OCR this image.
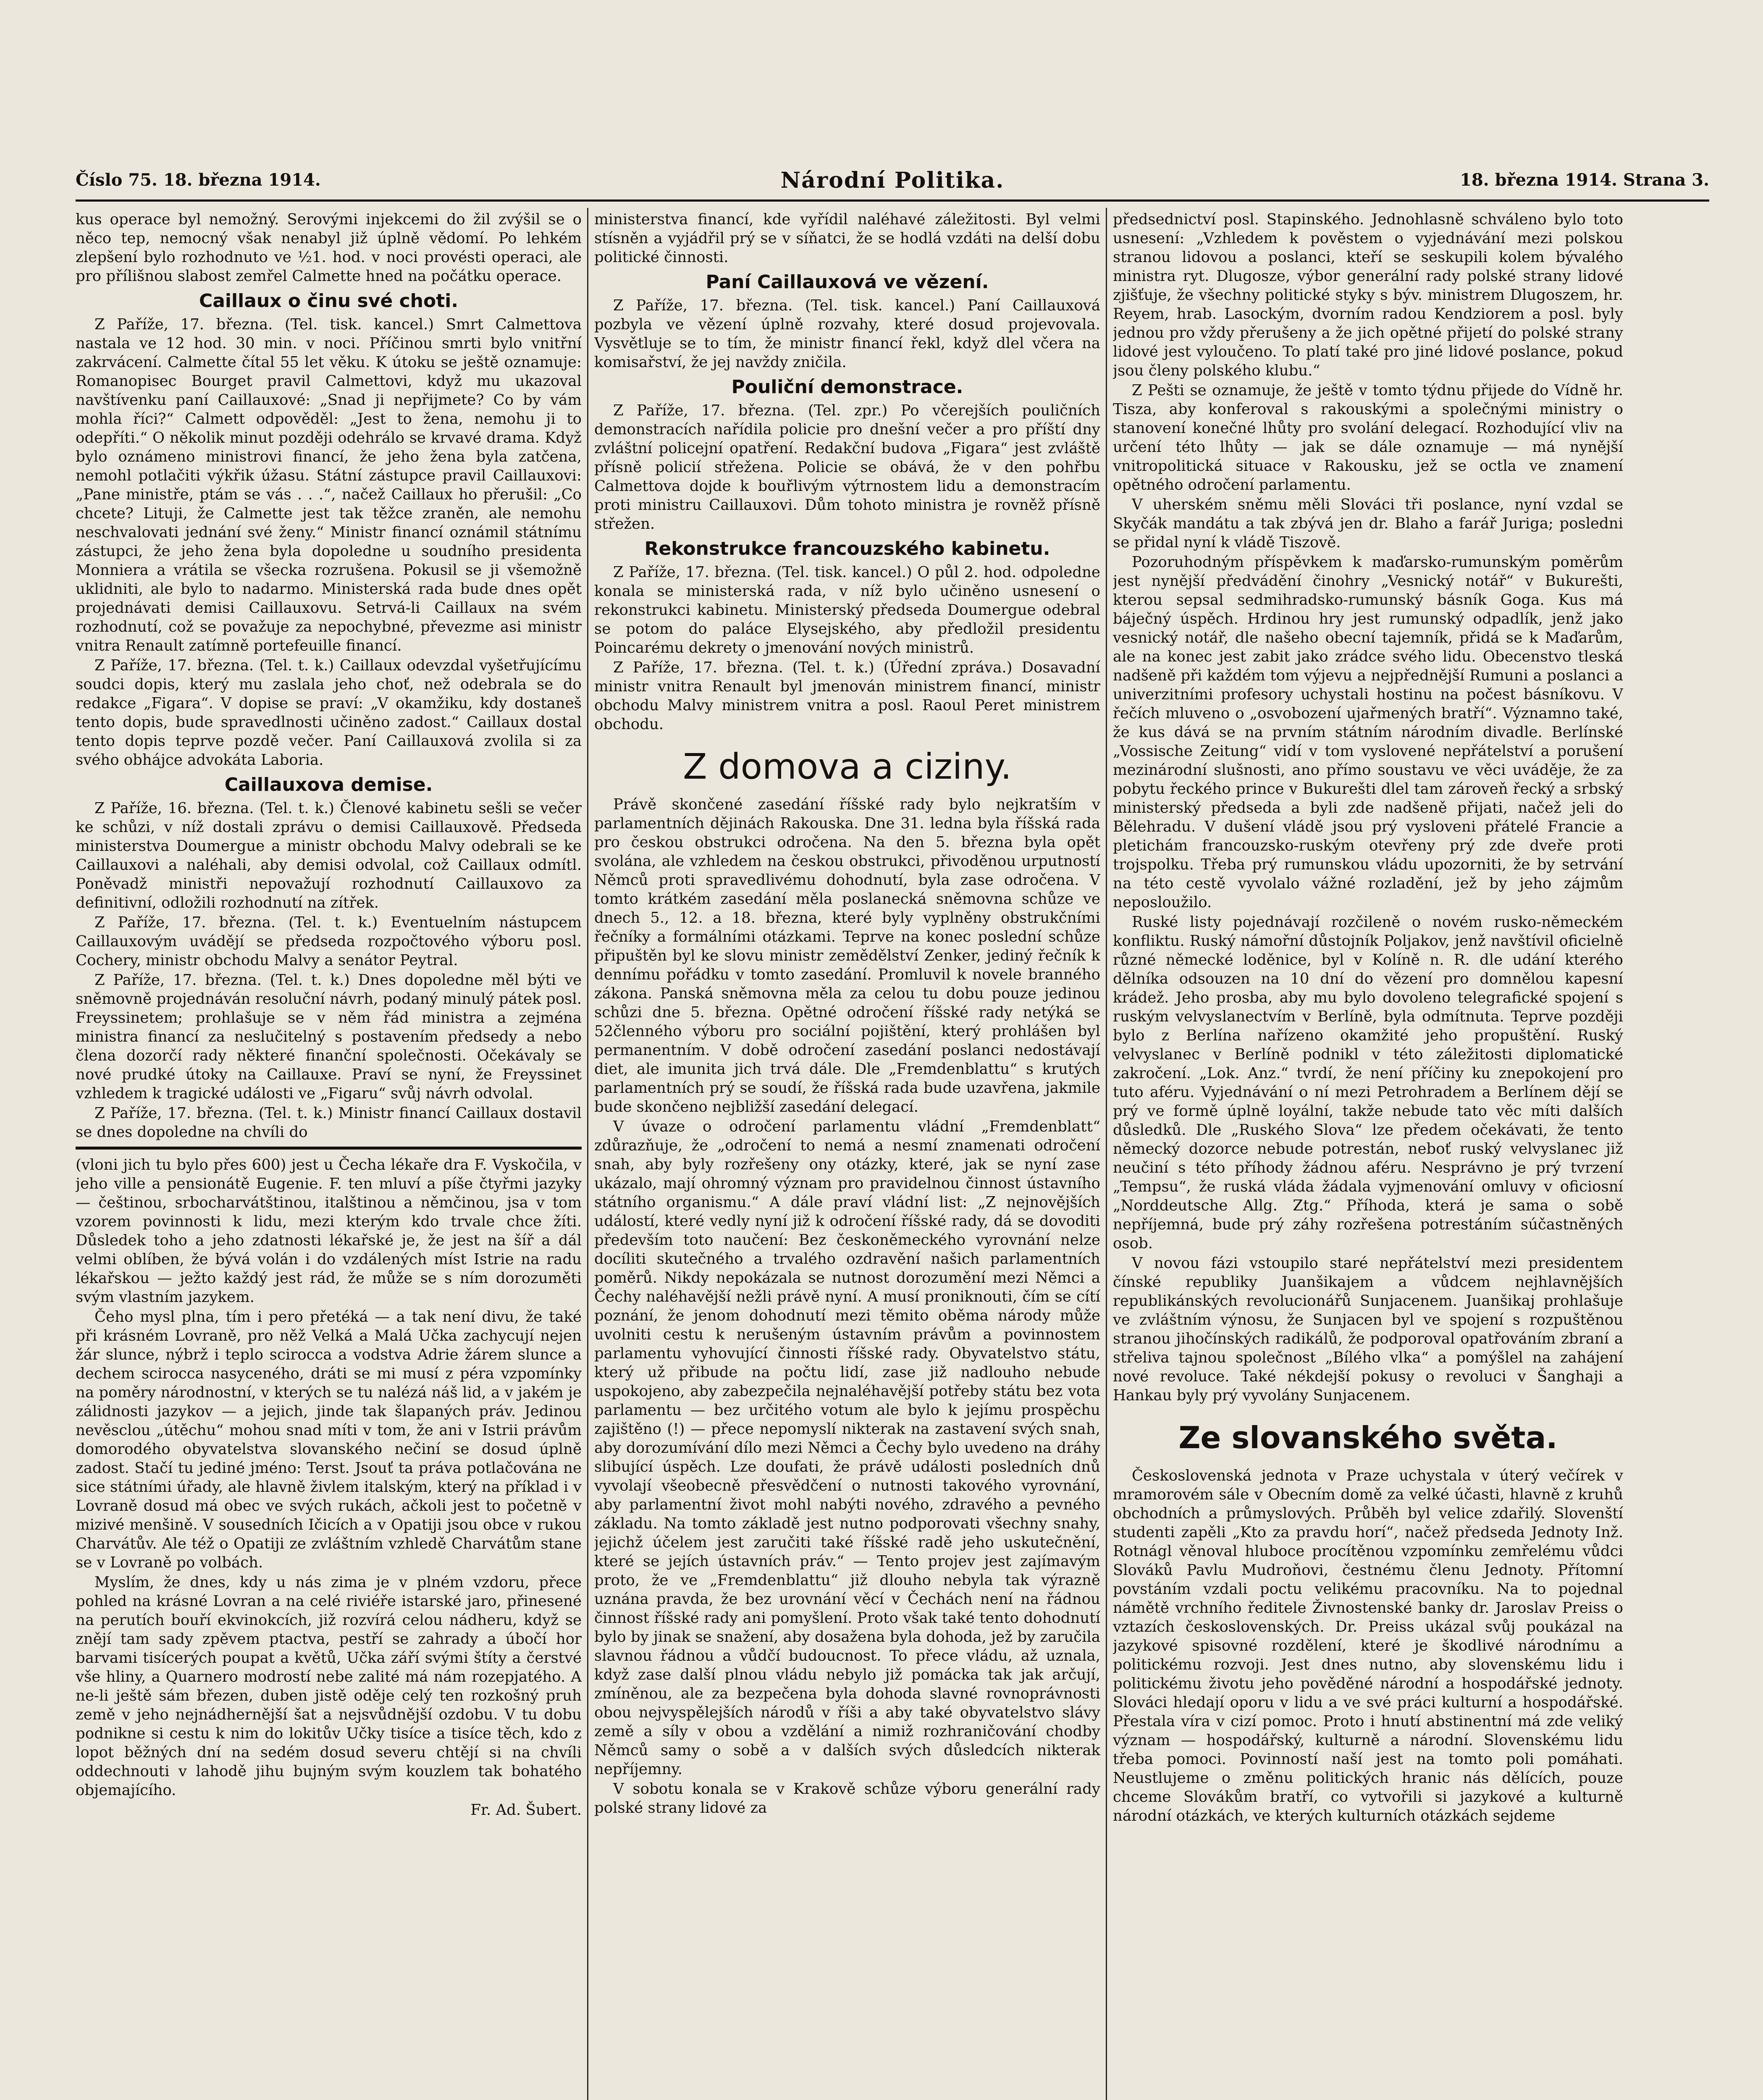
Číslo 75. 18. března 1914.	Národní Politika.	18. března 1914. Strana 3.

kus operace byl nemožný. Serovými injekcemi do žil zvýšil se o něco tep, nemocný však nenabyl již úplně vědomí. Po lehkém zlepšení bylo rozhodnuto ve ½1. hod. v noci provésti operaci, ale pro přílišnou slabost zemřel Calmette hned na počátku operace.

Caillaux o činu své choti.

Z Paříže, 17. března. (Tel. tisk. kancel.) Smrt Calmettova nastala ve 12 hod. 30 min. v noci. Příčinou smrti bylo vnitřní zakrvácení. Calmette čítal 55 let věku. K útoku se ještě oznamuje: Romanopisec Bourget pravil Calmettovi, když mu ukazoval navštívenku paní Caillauxové: „Snad ji nepřijmete? Co by vám mohla říci?“ Calmett odpověděl: „Jest to žena, nemohu ji to odepříti.“ O několik minut později odehrálo se krvavé drama. Když bylo oznámeno ministrovi financí, že jeho žena byla zatčena, nemohl potlačiti výkřik úžasu. Státní zástupce pravil Caillauxovi: „Pane ministře, ptám se vás . . .“, načež Caillaux ho přerušil: „Co chcete? Lituji, že Calmette jest tak těžce zraněn, ale nemohu neschvalovati jednání své ženy.“ Ministr financí oznámil státnímu zástupci, že jeho žena byla dopoledne u soudního presidenta Monniera a vrátila se všecka rozrušena. Pokusil se ji všemožně uklidniti, ale bylo to nadarmo. Ministerská rada bude dnes opět projednávati demisi Caillauxovu. Setrvá-li Caillaux na svém rozhodnutí, což se považuje za nepochybné, převezme asi ministr vnitra Renault zatímně portefeuille financí.

Z Paříže, 17. března. (Tel. t. k.) Caillaux odevzdal vyšetřujícímu soudci dopis, který mu zaslala jeho choť, než odebrala se do redakce „Figara“. V dopise se praví: „V okamžiku, kdy dostaneš tento dopis, bude spravedlnosti učiněno zadost.“ Caillaux dostal tento dopis teprve pozdě večer. Paní Caillauxová zvolila si za svého obhájce advokáta Laboria.

Caillauxova demise.

Z Paříže, 16. března. (Tel. t. k.) Členové kabinetu sešli se večer ke schůzi, v níž dostali zprávu o demisi Caillauxově. Předseda ministerstva Doumergue a ministr obchodu Malvy odebrali se ke Caillauxovi a naléhali, aby demisi odvolal, což Caillaux odmítl. Poněvadž ministři nepovažují rozhodnutí Caillauxovo za definitivní, odložili rozhodnutí na zítřek.

Z Paříže, 17. března. (Tel. t. k.) Eventuelním nástupcem Caillauxovým uvádějí se předseda rozpočtového výboru posl. Cochery, ministr obchodu Malvy a senátor Peytral.

Z Paříže, 17. března. (Tel. t. k.) Dnes dopoledne měl býti ve sněmovně projednáván resoluční návrh, podaný minulý pátek posl. Freyssinetem; prohlašuje se v něm řád ministra a zejména ministra financí za neslučitelný s postavením předsedy a nebo člena dozorčí rady některé finanční společnosti. Očekávaly se nové prudké útoky na Caillauxe. Praví se nyní, že Freyssinet vzhledem k tragické události ve „Figaru“ svůj návrh odvolal.

Z Paříže, 17. března. (Tel. t. k.) Ministr financí Caillaux dostavil se dnes dopoledne na chvíli do

(vloni jich tu bylo přes 600) jest u Čecha lékaře dra F. Vyskočila, v jeho ville a pensionátě Eugenie. F. ten mluví a píše čtyřmi jazyky — češtinou, srbocharvátštinou, italštinou a němčinou, jsa v tom vzorem povinnosti k lidu, mezi kterým kdo trvale chce žíti. Důsledek toho a jeho zdatnosti lékařské je, že jest na šíř a dál velmi oblíben, že bývá volán i do vzdálených míst Istrie na radu lékařskou — ježto každý jest rád, že může se s ním dorozuměti svým vlastním jazykem.

Čeho mysl plna, tím i pero přetéká — a tak není divu, že také při krásném Lovraně, pro něž Velká a Malá Učka zachycují nejen žár slunce, nýbrž i teplo scirocca a vodstva Adrie žárem slunce a dechem scirocca nasyceného, dráti se mi musí z péra vzpomínky na poměry národnostní, v kterých se tu nalézá náš lid, a v jakém je zálidnosti jazykov — a jejich, jinde tak šlapaných práv. Jedinou nevěsclou „útěchu“ mohou snad míti v tom, že ani v Istrii právům domorodého obyvatelstva slovanského nečiní se dosud úplně zadost. Stačí tu jediné jméno: Terst. Jsouť ta práva potlačována ne sice státními úřady, ale hlavně živlem italským, který na příklad i v Lovraně dosud má obec ve svých rukách, ačkoli jest to početně v mizivé menšině. V sousedních Ičicích a v Opatiji jsou obce v rukou Charvátův. Ale též o Opatiji ze zvláštním vzhledě Charvátům stane se v Lovraně po volbách.

Myslím, že dnes, kdy u nás zima je v plném vzdoru, přece pohled na krásné Lovran a na celé riviéře istarské jaro, přinesené na perutích bouří ekvinokcích, již rozvírá celou nádheru, když se znějí tam sady zpěvem ptactva, pestří se zahrady a úbočí hor barvami tisícerých poupat a květů, Učka září svými štíty a čerstvé vše hliny, a Quarnero modrostí nebe zalité má nám rozepjatého. A ne-li ještě sám březen, duben jistě oděje celý ten rozkošný pruh země v jeho nejnádhernější šat a nejsvůdnější ozdobu. V tu dobu podnikne si cestu k nim do lokitův Učky tisíce a tisíce těch, kdo z lopot běžných dní na sedém dosud severu chtějí si na chvíli oddechnouti v lahodě jihu bujným svým kouzlem tak bohatého objemajícího.

Fr. Ad. Šubert.

ministerstva financí, kde vyřídil naléhavé záležitosti. Byl velmi stísněn a vyjádřil prý se v síňatci, že se hodlá vzdáti na delší dobu politické činnosti.

Paní Caillauxová ve vězení.

Z Paříže, 17. března. (Tel. tisk. kancel.) Paní Caillauxová pozbyla ve vězení úplně rozvahy, které dosud projevovala. Vysvětluje se to tím, že ministr financí řekl, když dlel včera na komisařství, že jej navždy zničila.

Pouliční demonstrace.

Z Paříže, 17. března. (Tel. zpr.) Po včerejších pouličních demonstracích nařídila policie pro dnešní večer a pro příští dny zvláštní policejní opatření. Redakční budova „Figara“ jest zvláště přísně policií střežena. Policie se obává, že v den pohřbu Calmettova dojde k bouřlivým výtrnostem lidu a demonstracím proti ministru Caillauxovi. Dům tohoto ministra je rovněž přísně střežen.

Rekonstrukce francouzského kabinetu.

Z Paříže, 17. března. (Tel. tisk. kancel.) O půl 2. hod. odpoledne konala se ministerská rada, v níž bylo učiněno usnesení o rekonstrukci kabinetu. Ministerský předseda Doumergue odebral se potom do paláce Elysejského, aby předložil presidentu Poincarému dekrety o jmenování nových ministrů.

Z Paříže, 17. března. (Tel. t. k.) (Úřední zpráva.) Dosavadní ministr vnitra Renault byl jmenován ministrem financí, ministr obchodu Malvy ministrem vnitra a posl. Raoul Peret ministrem obchodu.

Z domova a ciziny.

Právě skončené zasedání říšské rady bylo nejkratším v parlamentních dějinách Rakouska. Dne 31. ledna byla říšská rada pro českou obstrukci odročena. Na den 5. března byla opět svolána, ale vzhledem na českou obstrukci, přivoděnou urputností Němců proti spravedlivému dohodnutí, byla zase odročena. V tomto krátkém zasedání měla poslanecká sněmovna schůze ve dnech 5., 12. a 18. března, které byly vyplněny obstrukčními řečníky a formálními otázkami. Teprve na konec poslední schůze připuštěn byl ke slovu ministr zemědělství Zenker, jediný řečník k dennímu pořádku v tomto zasedání. Promluvil k novele branného zákona. Panská sněmovna měla za celou tu dobu pouze jedinou schůzi dne 5. března. Opětné odročení říšské rady netýká se 52členného výboru pro sociální pojištění, který prohlášen byl permanentním. V době odročení zasedání poslanci nedostávají diet, ale imunita jich trvá dále. Dle „Fremdenblattu“ s krutých parlamentních prý se soudí, že říšská rada bude uzavřena, jakmile bude skončeno nejbližší zasedání delegací.

V úvaze o odročení parlamentu vládní „Fremdenblatt“ zdůrazňuje, že „odročení to nemá a nesmí znamenati odročení snah, aby byly rozřešeny ony otázky, které, jak se nyní zase ukázalo, mají ohromný význam pro pravidelnou činnost ústavního státního organismu.“ A dále praví vládní list: „Z nejnovějších událostí, které vedly nyní již k odročení říšské rady, dá se dovoditi především toto naučení: Bez českoněmeckého vyrovnání nelze docíliti skutečného a trvalého ozdravění našich parlamentních poměrů. Nikdy nepokázala se nutnost dorozumění mezi Němci a Čechy naléhavější nežli právě nyní. A musí proniknouti, čím se cítí poznání, že jenom dohodnutí mezi těmito oběma národy může uvolniti cestu k nerušeným ústavním právům a povinnostem parlamentu vyhovující činnosti říšské rady. Obyvatelstvo státu, který už přibude na počtu lidí, zase již nadlouho nebude uspokojeno, aby zabezpečila nejnaléhavější potřeby státu bez vota parlamentu — bez určitého votum ale bylo k jejímu prospěchu zajištěno (!) — přece nepomyslí nikterak na zastavení svých snah, aby dorozumívání dílo mezi Němci a Čechy bylo uvedeno na dráhy slibující úspěch. Lze doufati, že právě události posledních dnů vyvolají všeobecně přesvědčení o nutnosti takového vyrovnání, aby parlamentní život mohl nabýti nového, zdravého a pevného základu. Na tomto základě jest nutno podporovati všechny snahy, jejichž účelem jest zaručiti také říšské radě jeho uskutečnění, které se jejích ústavních práv.“ — Tento projev jest zajímavým proto, že ve „Fremdenblattu“ již dlouho nebyla tak výrazně uznána pravda, že bez urovnání věcí v Čechách není na řádnou činnost říšské rady ani pomyšlení. Proto však také tento dohodnutí bylo by jinak se snažení, aby dosažena byla dohoda, jež by zaručila slavnou řádnou a vůdčí budoucnost. To přece vládu, až uznala, když zase další plnou vládu nebylo již pomácka tak jak arčují, zmíněnou, ale za bezpečena byla dohoda slavné rovnoprávnosti obou nejvyspělejších národů v říši a aby také obyvatelstvo slávy země a síly v obou a vzdělání a nimiž rozhraničování chodby Němců samy o sobě a v dalších svých důsledcích nikterak nepříjemny.

V sobotu konala se v Krakově schůze výboru generální rady polské strany lidové za

předsednictví posl. Stapinského. Jednohlasně schváleno bylo toto usnesení: „Vzhledem k pověstem o vyjednávání mezi polskou stranou lidovou a poslanci, kteří se seskupili kolem bývalého ministra ryt. Dlugosze, výbor generální rady polské strany lidové zjišťuje, že všechny politické styky s býv. ministrem Dlugoszem, hr. Reyem, hrab. Lasockým, dvorním radou Kendziorem a posl. byly jednou pro vždy přerušeny a že jich opětné přijetí do polské strany lidové jest vyloučeno. To platí také pro jiné lidové poslance, pokud jsou členy polského klubu.“

Z Pešti se oznamuje, že ještě v tomto týdnu přijede do Vídně hr. Tisza, aby konferoval s rakouskými a společnými ministry o stanovení konečné lhůty pro svolání delegací. Rozhodující vliv na určení této lhůty — jak se dále oznamuje — má nynější vnitropolitická situace v Rakousku, jež se octla ve znamení opětného odročení parlamentu.

V uherském sněmu měli Slováci tři poslance, nyní vzdal se Skyčák mandátu a tak zbývá jen dr. Blaho a farář Juriga; posledni se přidal nyní k vládě Tiszově.

Pozoruhodným příspěvkem k maďarsko-rumunským poměrům jest nynější předvádění činohry „Vesnický notář“ v Bukurešti, kterou sepsal sedmihradsko-rumunský básník Goga. Kus má báječný úspěch. Hrdinou hry jest rumunský odpadlík, jenž jako vesnický notář, dle našeho obecní tajemník, přidá se k Maďarům, ale na konec jest zabit jako zrádce svého lidu. Obecenstvo tleská nadšeně při každém tom výjevu a nejpřednější Rumuni a poslanci a univerzitními profesory uchystali hostinu na počest básníkovu. V řečích mluveno o „osvobození ujařmených bratří“. Významno také, že kus dává se na prvním státním národním divadle. Berlínské „Vossische Zeitung“ vidí v tom vyslovené nepřátelství a porušení mezinárodní slušnosti, ano přímo soustavu ve věci uváděje, že za pobytu řeckého prince v Bukurešti dlel tam zároveň řecký a srbský ministerský předseda a byli zde nadšeně přijati, načež jeli do Bělehradu. V dušení vládě jsou prý vysloveni přátelé Francie a pletichám francouzsko-ruským otevřeny prý zde dveře proti trojspolku. Třeba prý rumunskou vládu upozorniti, že by setrvání na této cestě vyvolalo vážné rozladění, jež by jeho zájmům neposloužilo.

Ruské listy pojednávají rozčileně o novém rusko-německém konfliktu. Ruský námořní důstojník Poljakov, jenž navštívil oficielně různé německé loděnice, byl v Kolíně n. R. dle udání kterého dělníka odsouzen na 10 dní do vězení pro domnělou kapesní krádež. Jeho prosba, aby mu bylo dovoleno telegrafické spojení s ruským velvyslanectvím v Berlíně, byla odmítnuta. Teprve později bylo z Berlína nařízeno okamžité jeho propuštění. Ruský velvyslanec v Berlíně podnikl v této záležitosti diplomatické zakročení. „Lok. Anz.“ tvrdí, že není příčiny ku znepokojení pro tuto aféru. Vyjednávání o ní mezi Petrohradem a Berlínem dějí se prý ve formě úplně loyální, takže nebude tato věc míti dalších důsledků. Dle „Ruského Slova“ lze předem očekávati, že tento německý dozorce nebude potrestán, neboť ruský velvyslanec již neučiní s této příhody žádnou aféru. Nesprávno je prý tvrzení „Tempsu“, že ruská vláda žádala vyjmenování omluvy v oficiosní „Norddeutsche Allg. Ztg.“ Příhoda, která je sama o sobě nepříjemná, bude prý záhy rozřešena potrestáním súčastněných osob.

V novou fázi vstoupilo staré nepřátelství mezi presidentem čínské republiky Juanšikajem a vůdcem nejhlavnějších republikánských revolucionářů Sunjacenem. Juanšikaj prohlašuje ve zvláštním výnosu, že Sunjacen byl ve spojení s rozpuštěnou stranou jihočínských radikálů, že podporoval opatřováním zbraní a střeliva tajnou společnost „Bílého vlka“ a pomýšlel na zahájení nové revoluce. Také nékdejší pokusy o revoluci v Šanghaji a Hankau byly prý vyvolány Sunjacenem.

Ze slovanského světa.

Československá jednota v Praze uchystala v úterý večírek v mramorovém sále v Obecním domě za velké účasti, hlavně z kruhů obchodních a průmyslových. Průběh byl velice zdařilý. Slovenští studenti zapěli „Kto za pravdu horí“, načež předseda Jednoty Inž. Rotnágl věnoval hluboce procítěnou vzpomínku zemřelému vůdci Slováků Pavlu Mudroňovi, čestnému členu Jednoty. Přítomní povstáním vzdali poctu velikému pracovníku. Na to pojednal námětě vrchního ředitele Živnostenské banky dr. Jaroslav Preiss o vztazích československých. Dr. Preiss ukázal svůj poukázal na jazykové spisovné rozdělení, které je škodlivé národnímu a politickému rozvoji. Jest dnes nutno, aby slovenskému lidu i politickému životu jeho pověděné národní a hospodářské jednoty. Slováci hledají oporu v lidu a ve své práci kulturní a hospodářské. Přestala víra v cizí pomoc. Proto i hnutí abstinentní má zde veliký význam — hospodářský, kulturně a národní. Slovenskému lidu třeba pomoci. Povinností naší jest na tomto poli pomáhati. Neustlujeme o změnu politických hranic nás dělících, pouze chceme Slovákům bratří, co vytvořili si jazykové a kulturně národní otázkách, ve kterých kulturních otázkách sejdeme
